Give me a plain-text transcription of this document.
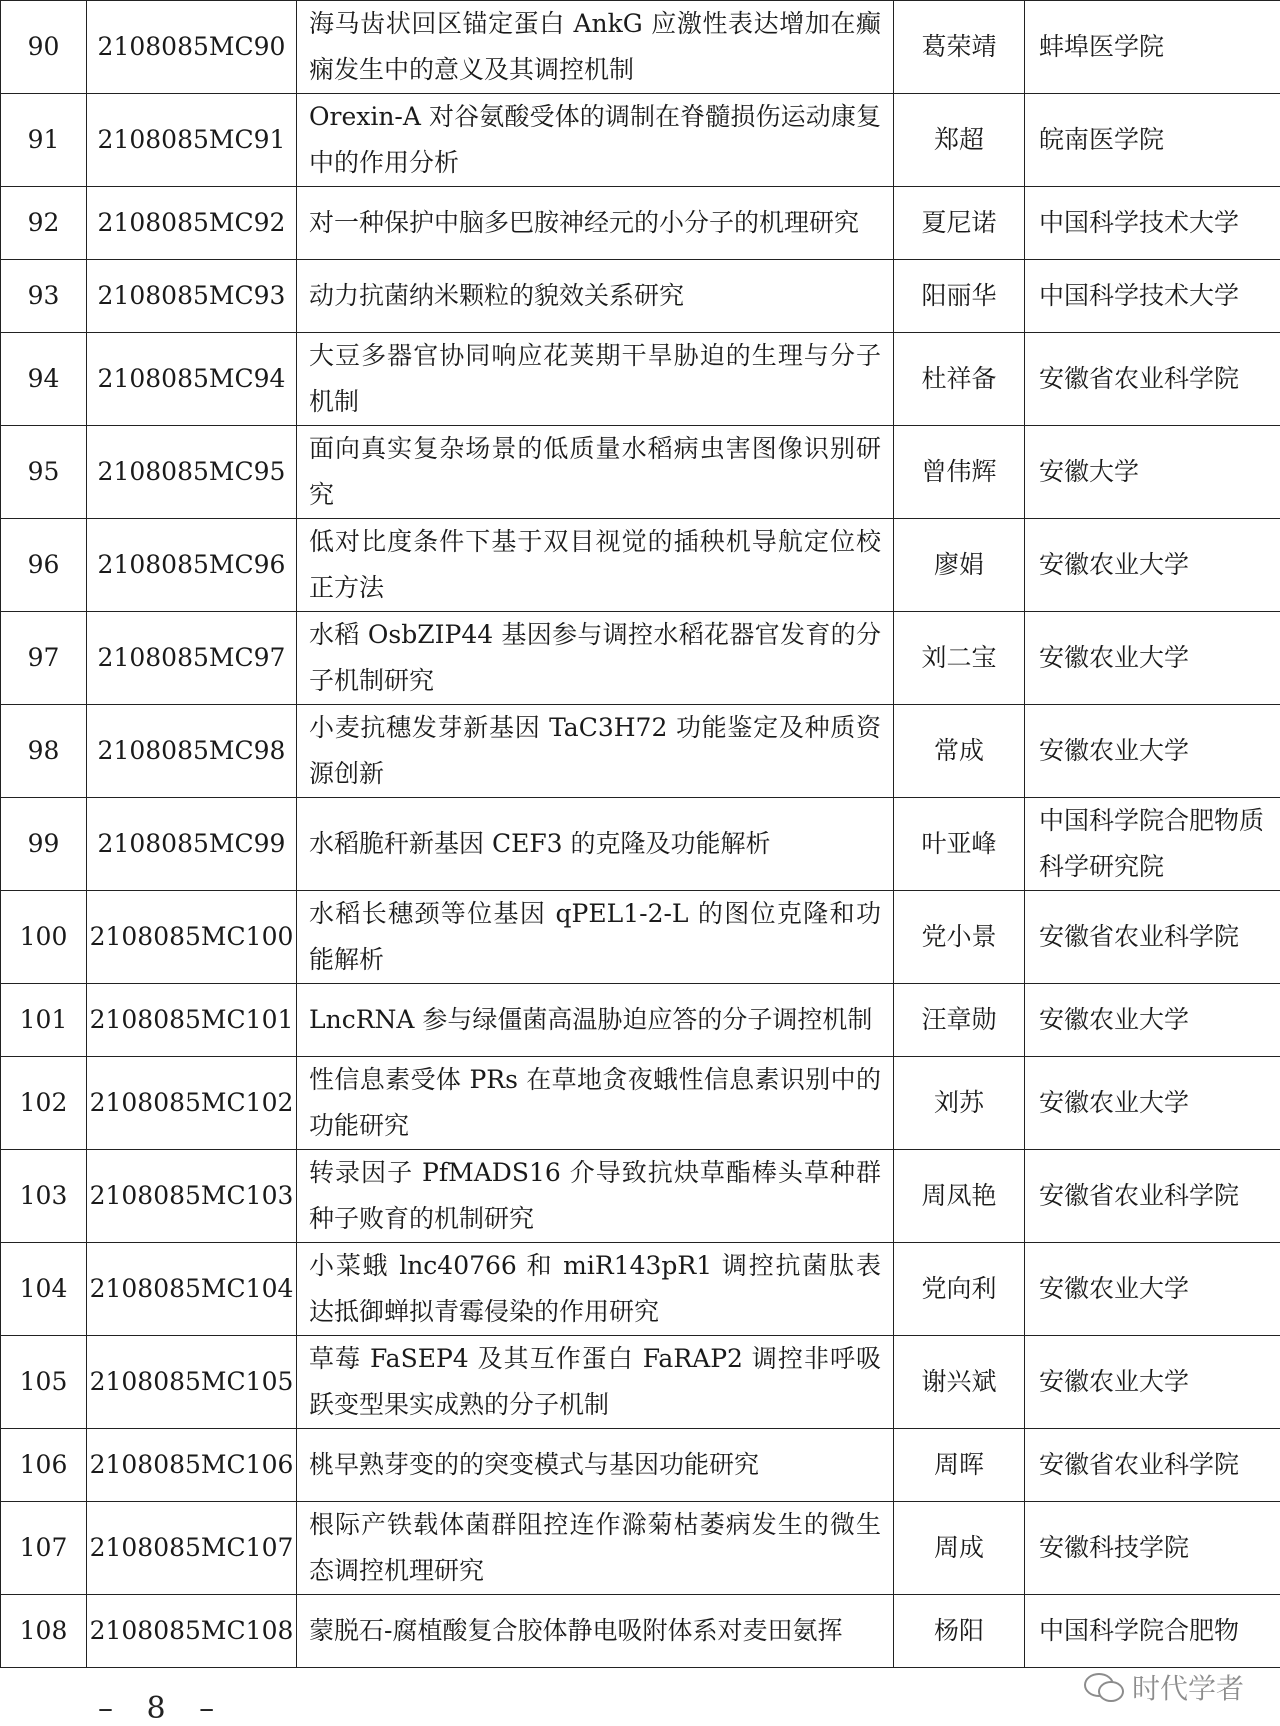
90	2108085MC90	海马齿状回区锚定蛋白 AnkG 应激性表达增加在癫痫发生中的意义及其调控机制	葛荣靖	蚌埠医学院
91	2108085MC91	Orexin-A 对谷氨酸受体的调制在脊髓损伤运动康复中的作用分析	郑超	皖南医学院
92	2108085MC92	对一种保护中脑多巴胺神经元的小分子的机理研究	夏尼诺	中国科学技术大学
93	2108085MC93	动力抗菌纳米颗粒的貌效关系研究	阳丽华	中国科学技术大学
94	2108085MC94	大豆多器官协同响应花荚期干旱胁迫的生理与分子机制	杜祥备	安徽省农业科学院
95	2108085MC95	面向真实复杂场景的低质量水稻病虫害图像识别研究	曾伟辉	安徽大学
96	2108085MC96	低对比度条件下基于双目视觉的插秧机导航定位校正方法	廖娟	安徽农业大学
97	2108085MC97	水稻 OsbZIP44 基因参与调控水稻花器官发育的分子机制研究	刘二宝	安徽农业大学
98	2108085MC98	小麦抗穗发芽新基因 TaC3H72 功能鉴定及种质资源创新	常成	安徽农业大学
99	2108085MC99	水稻脆秆新基因 CEF3 的克隆及功能解析	叶亚峰	中国科学院合肥物质科学研究院
100	2108085MC100	水稻长穗颈等位基因 qPEL1-2-L 的图位克隆和功能解析	党小景	安徽省农业科学院
101	2108085MC101	LncRNA 参与绿僵菌高温胁迫应答的分子调控机制	汪章勋	安徽农业大学
102	2108085MC102	性信息素受体 PRs 在草地贪夜蛾性信息素识别中的功能研究	刘苏	安徽农业大学
103	2108085MC103	转录因子 PfMADS16 介导致抗炔草酯棒头草种群种子败育的机制研究	周凤艳	安徽省农业科学院
104	2108085MC104	小菜蛾 lnc40766 和 miR143pR1 调控抗菌肽表达抵御蝉拟青霉侵染的作用研究	党向利	安徽农业大学
105	2108085MC105	草莓 FaSEP4 及其互作蛋白 FaRAP2 调控非呼吸跃变型果实成熟的分子机制	谢兴斌	安徽农业大学
106	2108085MC106	桃早熟芽变的的突变模式与基因功能研究	周晖	安徽省农业科学院
107	2108085MC107	根际产铁载体菌群阻控连作滁菊枯萎病发生的微生态调控机理研究	周成	安徽科技学院
108	2108085MC108	蒙脱石-腐植酸复合胶体静电吸附体系对麦田氨挥	杨阳	中国科学院合肥物
– 8 –
时代学者
